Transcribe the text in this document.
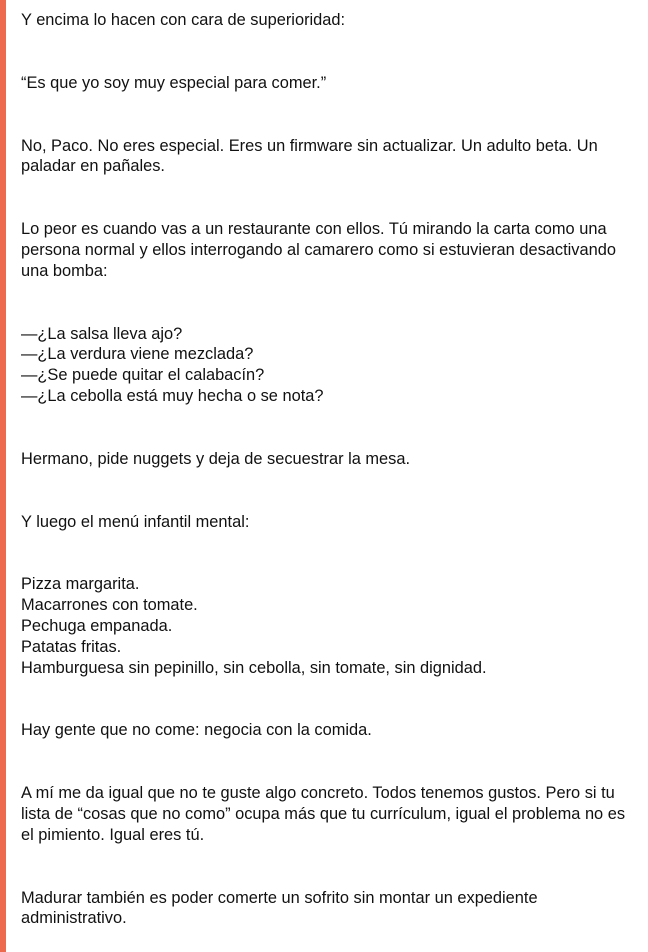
Y encima lo hacen con cara de superioridad:

“Es que yo soy muy especial para comer.”

No, Paco. No eres especial. Eres un firmware sin actualizar. Un adulto beta. Un paladar en pañales.

Lo peor es cuando vas a un restaurante con ellos. Tú mirando la carta como una persona normal y ellos interrogando al camarero como si estuvieran desactivando una bomba:

—¿La salsa lleva ajo?
—¿La verdura viene mezclada?
—¿Se puede quitar el calabacín?
—¿La cebolla está muy hecha o se nota?

Hermano, pide nuggets y deja de secuestrar la mesa.

Y luego el menú infantil mental:

Pizza margarita.
Macarrones con tomate.
Pechuga empanada.
Patatas fritas.
Hamburguesa sin pepinillo, sin cebolla, sin tomate, sin dignidad.

Hay gente que no come: negocia con la comida.

A mí me da igual que no te guste algo concreto. Todos tenemos gustos. Pero si tu lista de “cosas que no como” ocupa más que tu currículum, igual el problema no es el pimiento. Igual eres tú.

Madurar también es poder comerte un sofrito sin montar un expediente administrativo.
